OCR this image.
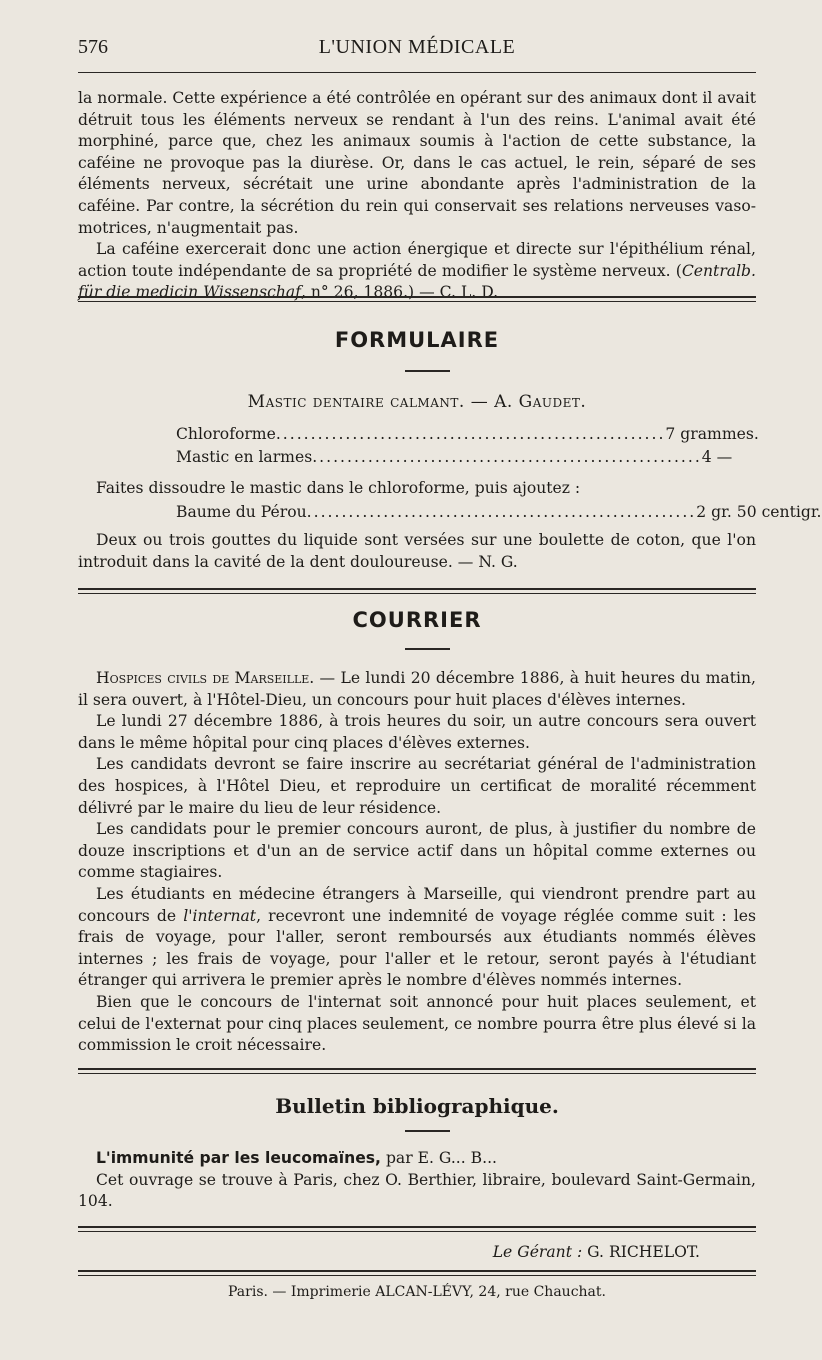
576	L'UNION MÉDICALE

la normale. Cette expérience a été contrôlée en opérant sur des animaux dont il avait détruit tous les éléments nerveux se rendant à l'un des reins. L'animal avait été morphiné, parce que, chez les animaux soumis à l'action de cette substance, la caféine ne provoque pas la diurèse. Or, dans le cas actuel, le rein, séparé de ses éléments nerveux, sécrétait une urine abondante après l'administration de la caféine. Par contre, la sécrétion du rein qui conservait ses relations nerveuses vaso-motrices, n'augmentait pas.

La caféine exercerait donc une action énergique et directe sur l'épithélium rénal, action toute indépendante de sa propriété de modifier le système nerveux. (Centralb. für die medicin Wissenschaf, n° 26, 1886.) — C. L. D.

FORMULAIRE
Mastic dentaire calmant. — A. Gaudet.
Chloroforme ........................................................ 7 grammes.
Mastic en larmes ........................................................ 4 —

Faites dissoudre le mastic dans le chloroforme, puis ajoutez :

Baume du Pérou ........................................................ 2 gr. 50 centigr.

Deux ou trois gouttes du liquide sont versées sur une boulette de coton, que l'on introduit dans la cavité de la dent douloureuse. — N. G.

COURRIER

Hospices civils de Marseille. — Le lundi 20 décembre 1886, à huit heures du matin, il sera ouvert, à l'Hôtel-Dieu, un concours pour huit places d'élèves internes.

Le lundi 27 décembre 1886, à trois heures du soir, un autre concours sera ouvert dans le même hôpital pour cinq places d'élèves externes.

Les candidats devront se faire inscrire au secrétariat général de l'administration des hospices, à l'Hôtel Dieu, et reproduire un certificat de moralité récemment délivré par le maire du lieu de leur résidence.

Les candidats pour le premier concours auront, de plus, à justifier du nombre de douze inscriptions et d'un an de service actif dans un hôpital comme externes ou comme stagiaires.

Les étudiants en médecine étrangers à Marseille, qui viendront prendre part au concours de l'internat, recevront une indemnité de voyage réglée comme suit : les frais de voyage, pour l'aller, seront remboursés aux étudiants nommés élèves internes ; les frais de voyage, pour l'aller et le retour, seront payés à l'étudiant étranger qui arrivera le premier après le nombre d'élèves nommés internes.

Bien que le concours de l'internat soit annoncé pour huit places seulement, et celui de l'externat pour cinq places seulement, ce nombre pourra être plus élevé si la commission le croit nécessaire.

Bulletin bibliographique.

L'immunité par les leucomaïnes, par E. G... B...

Cet ouvrage se trouve à Paris, chez O. Berthier, libraire, boulevard Saint-Germain, 104.

Le Gérant : G. RICHELOT.
Paris. — Imprimerie ALCAN-LÉVY, 24, rue Chauchat.
